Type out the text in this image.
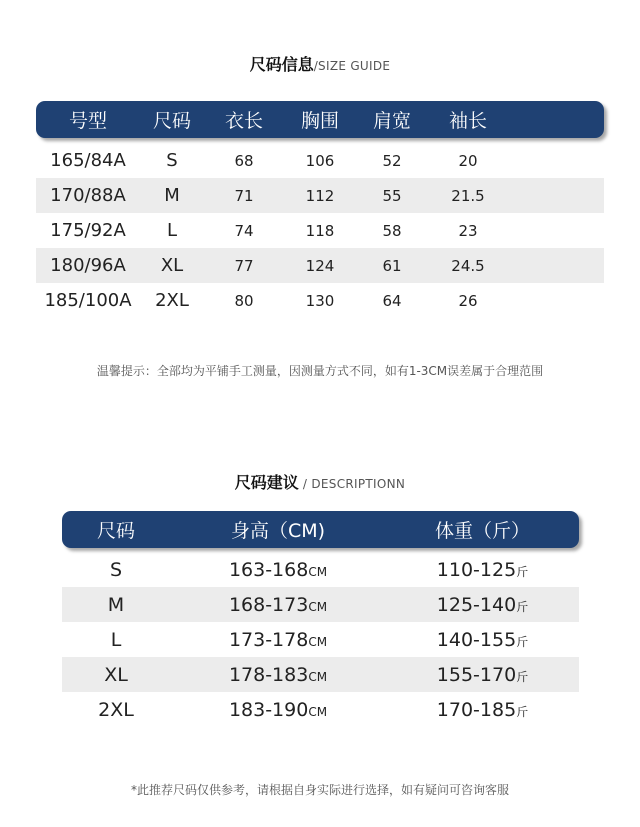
尺码信息/SIZE GUIDE
号型	尺码	衣长	胸围	肩宽	袖长
165/84A	S	68	106	52	20
170/88A	M	71	112	55	21.5
175/92A	L	74	118	58	23
180/96A	XL	77	124	61	24.5
185/100A	2XL	80	130	64	26
温馨提示：全部均为平铺手工测量，因测量方式不同，如有1-3CM误差属于合理范围
尺码建议 / DESCRIPTIONN
尺码	身高（CM)	体重（斤）
S	163-168CM	110-125斤
M	168-173CM	125-140斤
L	173-178CM	140-155斤
XL	178-183CM	155-170斤
2XL	183-190CM	170-185斤
*此推荐尺码仅供参考，请根据自身实际进行选择，如有疑问可咨询客服
